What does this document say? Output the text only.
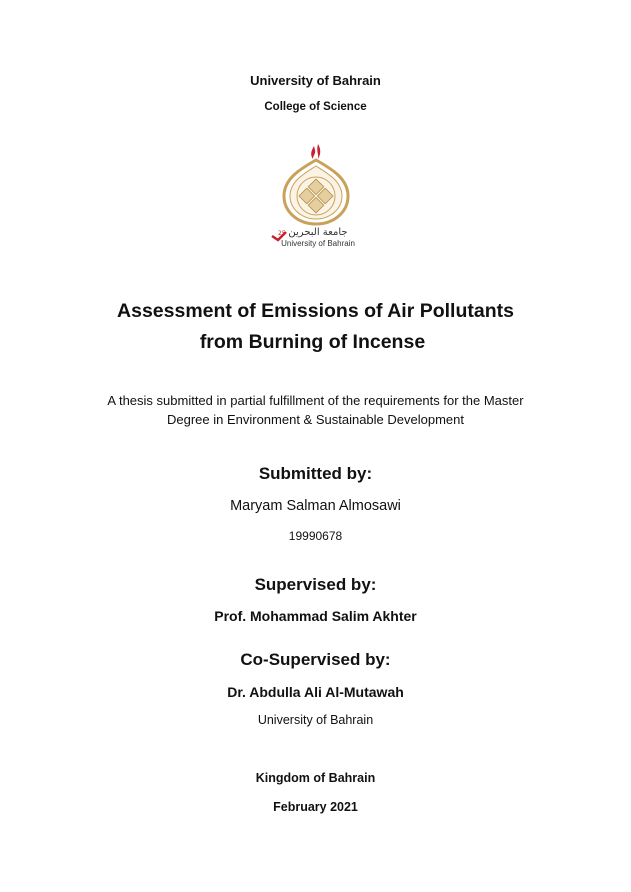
University of Bahrain
College of Science
25 جامعة البحرين
University of Bahrain
Assessment of Emissions of Air Pollutants
from Burning of Incense
A thesis submitted in partial fulfillment of the requirements for the Master
Degree in Environment & Sustainable Development
Submitted by:
Maryam Salman Almosawi
19990678
Supervised by:
Prof. Mohammad Salim Akhter
Co-Supervised by:
Dr. Abdulla Ali Al-Mutawah
University of Bahrain
Kingdom of Bahrain
February 2021
